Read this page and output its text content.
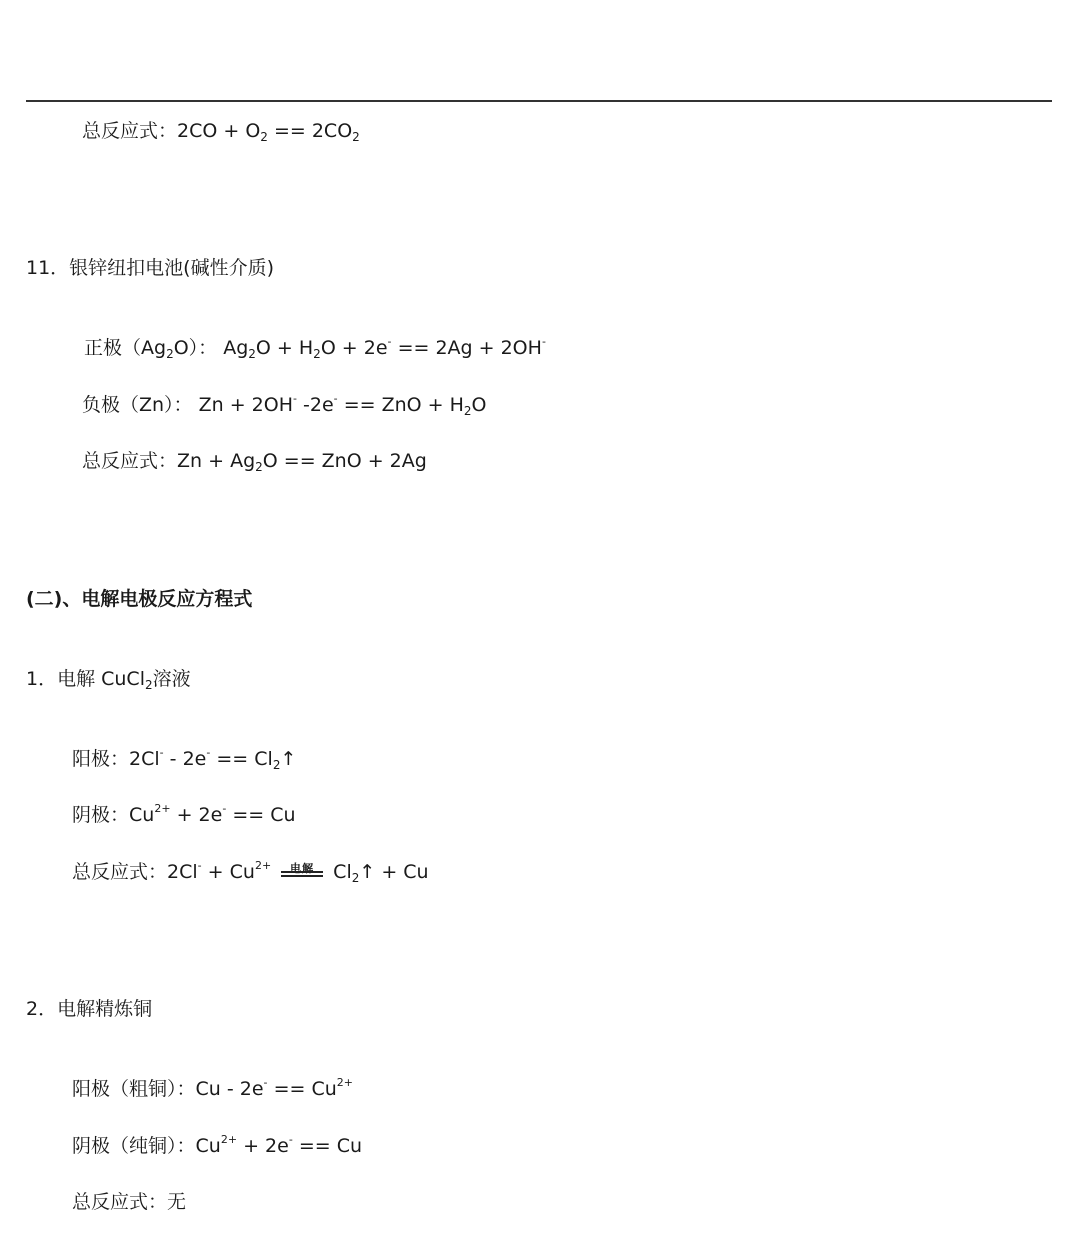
总反应式：$2CO + O_2 == 2CO_2$
11．银锌纽扣电池(碱性介质)
正极$(Ag_2O)$： $Ag_2O + H_2O + 2e^- == 2Ag + 2OH^-$
负极（Zn）： Zn + 2OH- -2e- == ZnO + $H_2O$
总反应式：$Zn + Ag_2O$ == ZnO + 2Ag
(二)、电解电极反应方程式
1．电解 CuCl$_2$溶液
阳极：$2Cl^- - 2e^- == Cl_2↑$
阴极：$Cu^{2+} + 2e^- == Cu$
总反应式：$2Cl^- + Cu^{2+}$	电解	$Cl_2↑ + Cu$
2．电解精炼铜
阳极（粗铜）：$Cu - 2e^- == Cu^{2+}$
阴极（纯铜）：$Cu^{2+} + 2e^- == Cu$
总反应式：无
